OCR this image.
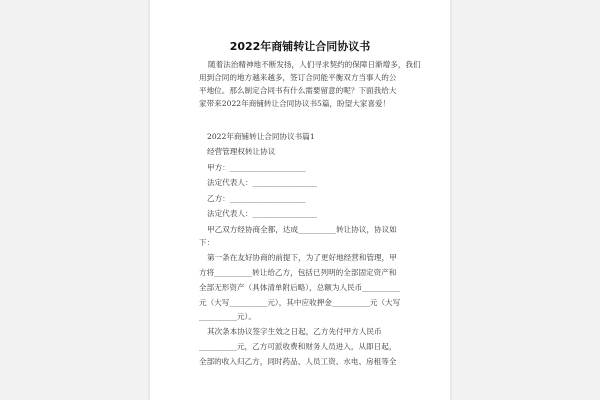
2022年商铺转让合同协议书
随着法治精神地不断发扬，人们寻求契约的保障日渐增多，我们
用到合同的地方越来越多，签订合同能平衡双方当事人的公
平地位。那么制定合同书有什么需要留意的呢？下面我给大
家带来2022年商铺转让合同协议书5篇，盼望大家喜爱！
2022年商铺转让合同协议书篇1
经营管理权转让协议
甲方：____________________
法定代表人：_________________
乙方：____________________
法定代表人：_________________
甲乙双方经协商全都，达成__________转让协议，协议如
下：
第一条在友好协商的前提下，为了更好地经营和管理，甲
方将__________转让给乙方，包括已列明的全部固定资产和
全部无形资产（具体清单附后略），总额为人民币__________
元（大写__________元），其中应收押金__________元（大写
__________元）。
其次条本协议签字生效之日起，乙方先付甲方人民币
__________元，乙方可派收费和财务人员进入，从即日起，
全部的收入归乙方，同时药品、人员工资、水电、房租等全
